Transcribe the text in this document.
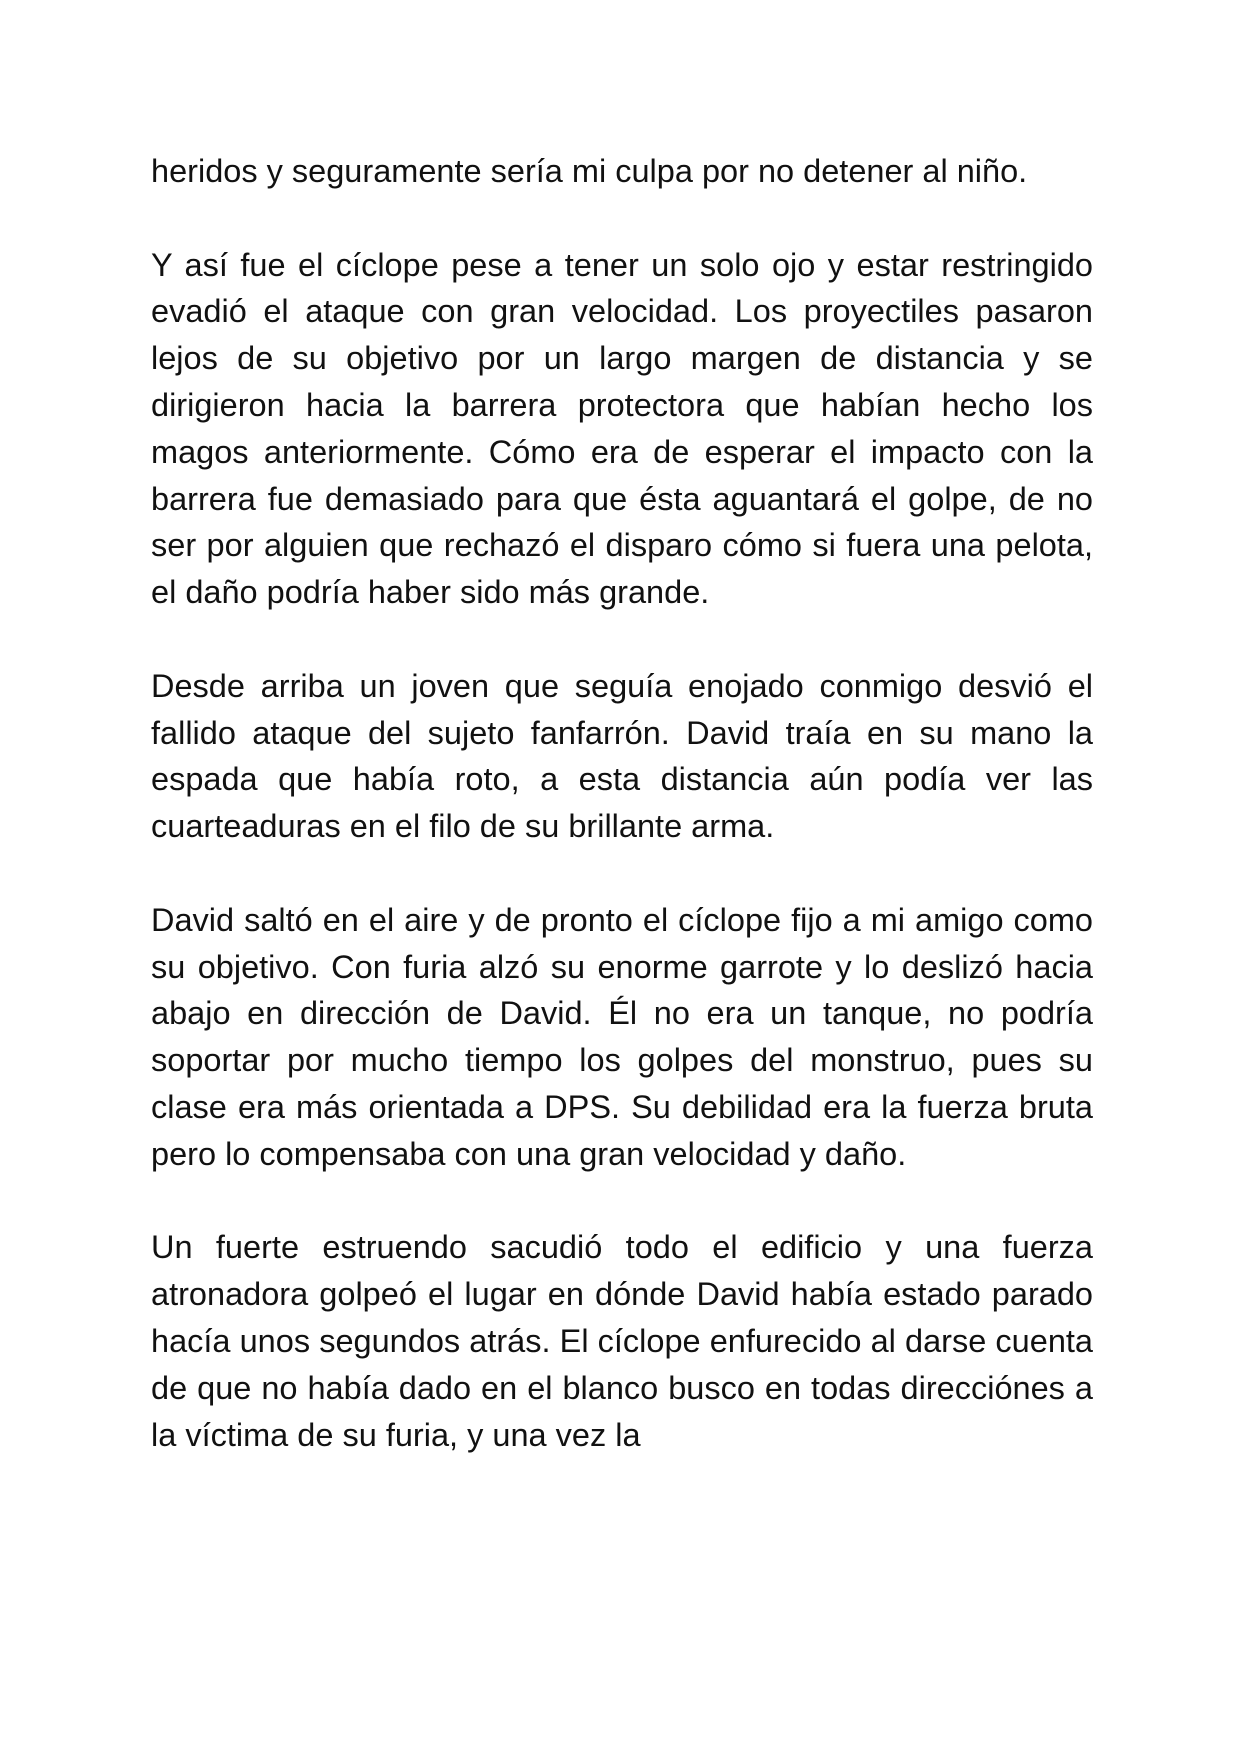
heridos y seguramente sería mi culpa por no detener al niño.

Y así fue el cíclope pese a tener un solo ojo y estar restringido evadió el ataque con gran velocidad. Los proyectiles pasaron lejos de su objetivo por un largo margen de distancia y se dirigieron hacia la barrera protectora que habían hecho los magos anteriormente. Cómo era de esperar el impacto con la barrera fue demasiado para que ésta aguantará el golpe, de no ser por alguien que rechazó el disparo cómo si fuera una pelota, el daño podría haber sido más grande.

Desde arriba un joven que seguía enojado conmigo desvió el fallido ataque del sujeto fanfarrón. David traía en su mano la espada que había roto, a esta distancia aún podía ver las cuarteaduras en el filo de su brillante arma.

David saltó en el aire y de pronto el cíclope fijo a mi amigo como su objetivo. Con furia alzó su enorme garrote y lo deslizó hacia abajo en dirección de David. Él no era un tanque, no podría soportar por mucho tiempo los golpes del monstruo, pues su clase era más orientada a DPS. Su debilidad era la fuerza bruta pero lo compensaba con una gran velocidad y daño.

Un fuerte estruendo sacudió todo el edificio y una fuerza atronadora golpeó el lugar en dónde David había estado parado hacía unos segundos atrás. El cíclope enfurecido al darse cuenta de que no había dado en el blanco busco en todas direcciónes a la víctima de su furia, y una vez la
